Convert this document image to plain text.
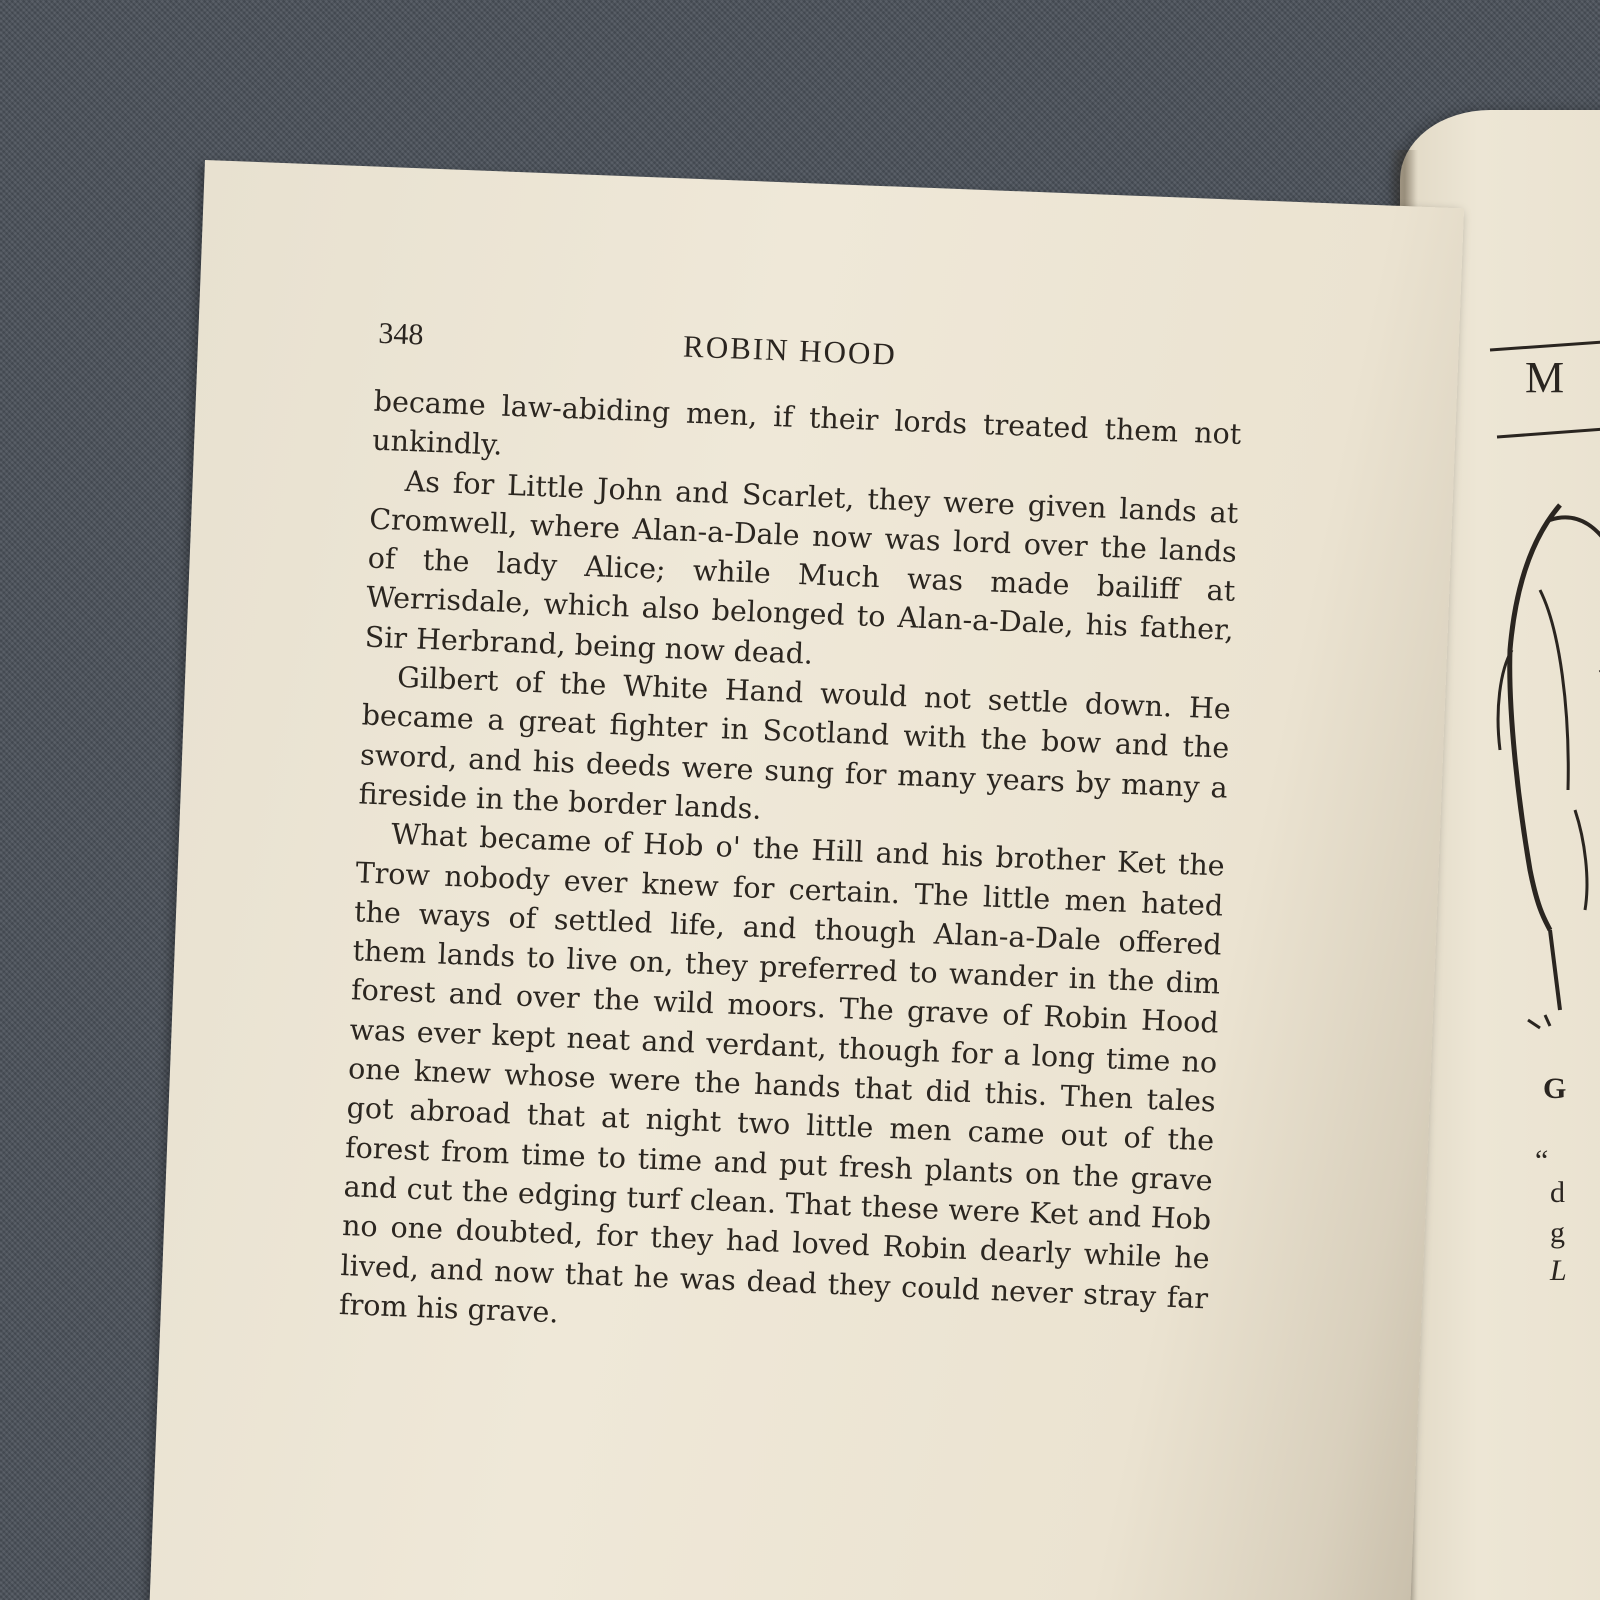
M
G
“
d
g
L
348	ROBIN HOOD

became law-abiding men, if their lords treated them not unkindly.

As for Little John and Scarlet, they were given lands at Cromwell, where Alan-a-Dale now was lord over the lands of the lady Alice; while Much was made bailiff at Werrisdale, which also belonged to Alan-a-Dale, his father, Sir Herbrand, being now dead.

Gilbert of the White Hand would not settle down. He became a great fighter in Scotland with the bow and the sword, and his deeds were sung for many years by many a fireside in the border lands.

What became of Hob o' the Hill and his brother Ket the Trow nobody ever knew for certain. The little men hated the ways of settled life, and though Alan-a-Dale offered them lands to live on, they preferred to wander in the dim forest and over the wild moors. The grave of Robin Hood was ever kept neat and verdant, though for a long time no one knew whose were the hands that did this. Then tales got abroad that at night two little men came out of the forest from time to time and put fresh plants on the grave and cut the edging turf clean. That these were Ket and Hob no one doubted, for they had loved Robin dearly while he lived, and now that he was dead they could never stray far from his grave.
